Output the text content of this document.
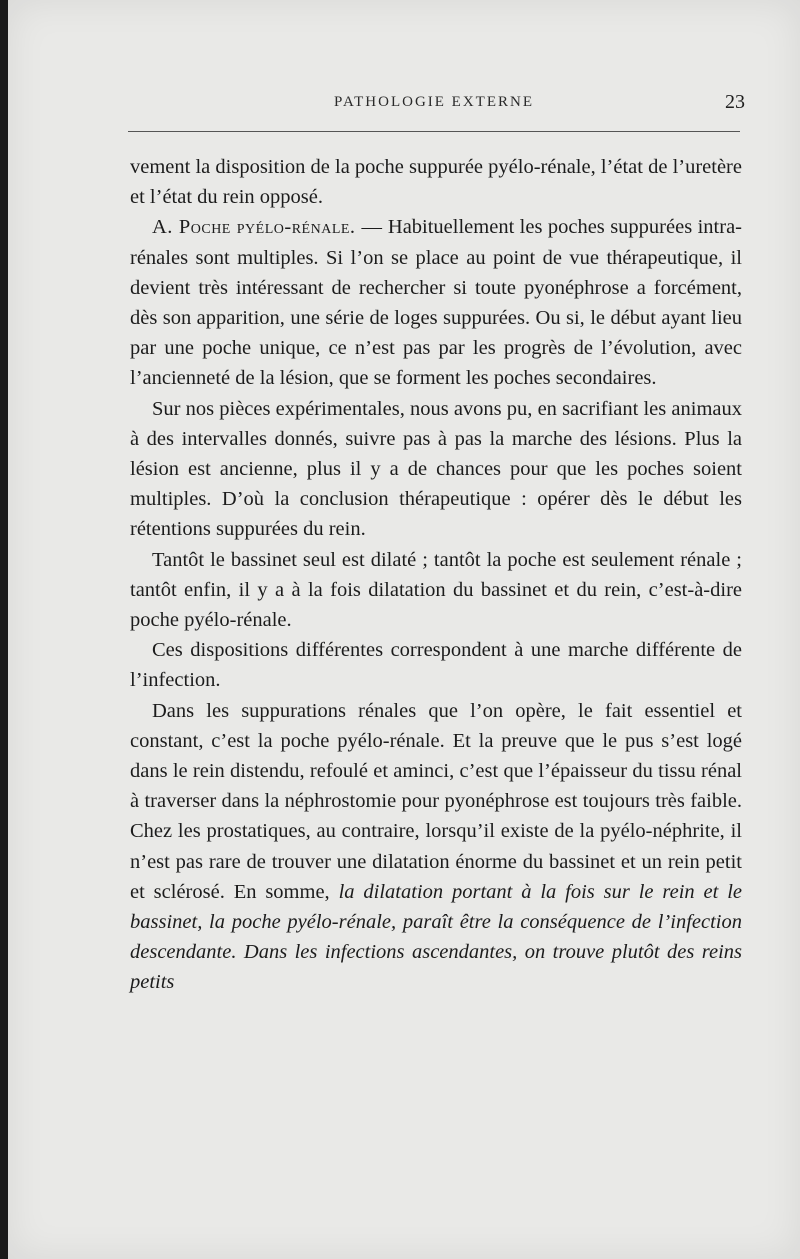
PATHOLOGIE EXTERNE	23

vement la disposition de la poche suppurée pyélo-rénale, l’état de l’uretère et l’état du rein opposé.

A. Poche pyélo-rénale. — Habituellement les poches suppurées intra-rénales sont multiples. Si l’on se place au point de vue thérapeutique, il devient très intéressant de rechercher si toute pyonéphrose a forcément, dès son apparition, une série de loges suppurées. Ou si, le début ayant lieu par une poche unique, ce n’est pas par les progrès de l’évolution, avec l’ancienneté de la lésion, que se forment les poches secondaires.

Sur nos pièces expérimentales, nous avons pu, en sacrifiant les animaux à des intervalles donnés, suivre pas à pas la marche des lésions. Plus la lésion est ancienne, plus il y a de chances pour que les poches soient multiples. D’où la conclusion thérapeutique : opérer dès le début les rétentions suppurées du rein.

Tantôt le bassinet seul est dilaté ; tantôt la poche est seulement rénale ; tantôt enfin, il y a à la fois dilatation du bassinet et du rein, c’est-à-dire poche pyélo-rénale.

Ces dispositions différentes correspondent à une marche différente de l’infection.

Dans les suppurations rénales que l’on opère, le fait essentiel et constant, c’est la poche pyélo-rénale. Et la preuve que le pus s’est logé dans le rein distendu, refoulé et aminci, c’est que l’épaisseur du tissu rénal à traverser dans la néphrostomie pour pyonéphrose est toujours très faible. Chez les prostatiques, au contraire, lorsqu’il existe de la pyélo-néphrite, il n’est pas rare de trouver une dilatation énorme du bassinet et un rein petit et sclérosé. En somme, la dilatation portant à la fois sur le rein et le bassinet, la poche pyélo-rénale, paraît être la conséquence de l’infection descendante. Dans les infections ascendantes, on trouve plutôt des reins petits
